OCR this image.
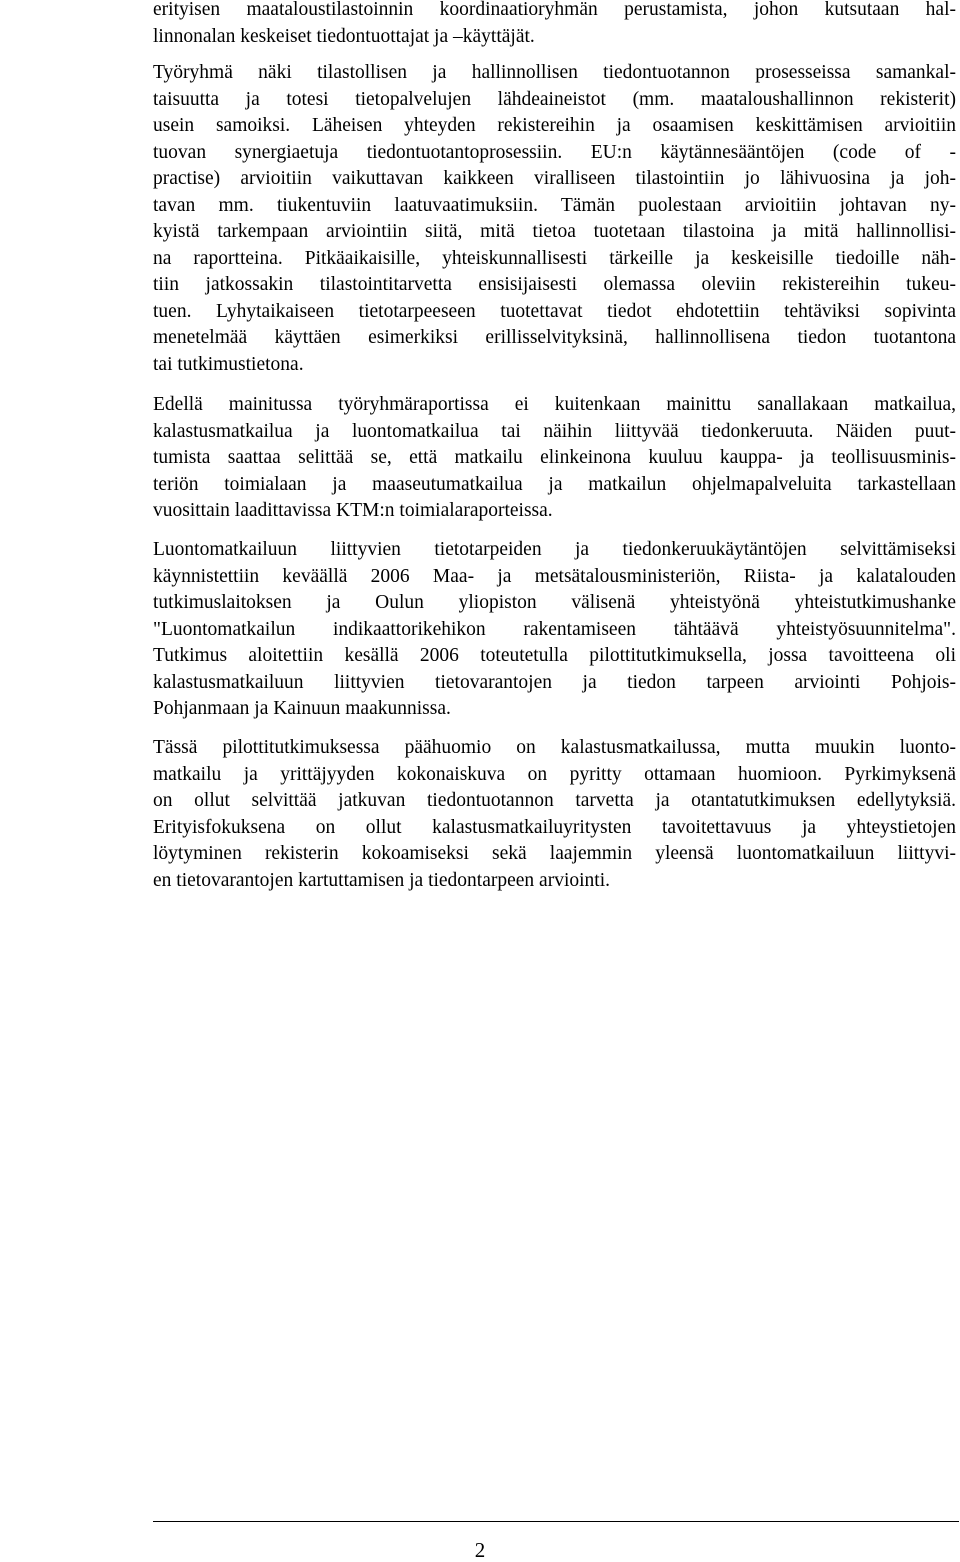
erityisen maataloustilastoinnin koordinaatioryhmän perustamista, johon kutsutaan hal-
linnonalan keskeiset tiedontuottajat ja –käyttäjät.
Työryhmä näki tilastollisen ja hallinnollisen tiedontuotannon prosesseissa samankal-
taisuutta ja totesi tietopalvelujen lähdeaineistot (mm. maataloushallinnon rekisterit)
usein samoiksi. Läheisen yhteyden rekistereihin ja osaamisen keskittämisen arvioitiin
tuovan synergiaetuja tiedontuotantoprosessiin. EU:n käytännesääntöjen (code of -
practise) arvioitiin vaikuttavan kaikkeen viralliseen tilastointiin jo lähivuosina ja joh-
tavan mm. tiukentuviin laatuvaatimuksiin. Tämän puolestaan arvioitiin johtavan ny-
kyistä tarkempaan arviointiin siitä, mitä tietoa tuotetaan tilastoina ja mitä hallinnollisi-
na raportteina. Pitkäaikaisille, yhteiskunnallisesti tärkeille ja keskeisille tiedoille näh-
tiin jatkossakin tilastointitarvetta ensisijaisesti olemassa oleviin rekistereihin tukeu-
tuen. Lyhytaikaiseen tietotarpeeseen tuotettavat tiedot ehdotettiin tehtäviksi sopivinta
menetelmää käyttäen esimerkiksi erillisselvityksinä, hallinnollisena tiedon tuotantona
tai tutkimustietona.
Edellä mainitussa työryhmäraportissa ei kuitenkaan mainittu sanallakaan matkailua,
kalastusmatkailua ja luontomatkailua tai näihin liittyvää tiedonkeruuta. Näiden puut-
tumista saattaa selittää se, että matkailu elinkeinona kuuluu kauppa- ja teollisuusminis-
teriön toimialaan ja maaseutumatkailua ja matkailun ohjelmapalveluita tarkastellaan
vuosittain laadittavissa KTM:n toimialaraporteissa.
Luontomatkailuun liittyvien tietotarpeiden ja tiedonkeruukäytäntöjen selvittämiseksi
käynnistettiin keväällä 2006 Maa- ja metsätalousministeriön, Riista- ja kalatalouden
tutkimuslaitoksen ja Oulun yliopiston välisenä yhteistyönä yhteistutkimushanke
"Luontomatkailun indikaattorikehikon rakentamiseen tähtäävä yhteistyösuunnitelma".
Tutkimus aloitettiin kesällä 2006 toteutetulla pilottitutkimuksella, jossa tavoitteena oli
kalastusmatkailuun liittyvien tietovarantojen ja tiedon tarpeen arviointi Pohjois-
Pohjanmaan ja Kainuun maakunnissa.
Tässä pilottitutkimuksessa päähuomio on kalastusmatkailussa, mutta muukin luonto-
matkailu ja yrittäjyyden kokonaiskuva on pyritty ottamaan huomioon. Pyrkimyksenä
on ollut selvittää jatkuvan tiedontuotannon tarvetta ja otantatutkimuksen edellytyksiä.
Erityisfokuksena on ollut kalastusmatkailuyritysten tavoitettavuus ja yhteystietojen
löytyminen rekisterin kokoamiseksi sekä laajemmin yleensä luontomatkailuun liittyvi-
en tietovarantojen kartuttamisen ja tiedontarpeen arviointi.
2
